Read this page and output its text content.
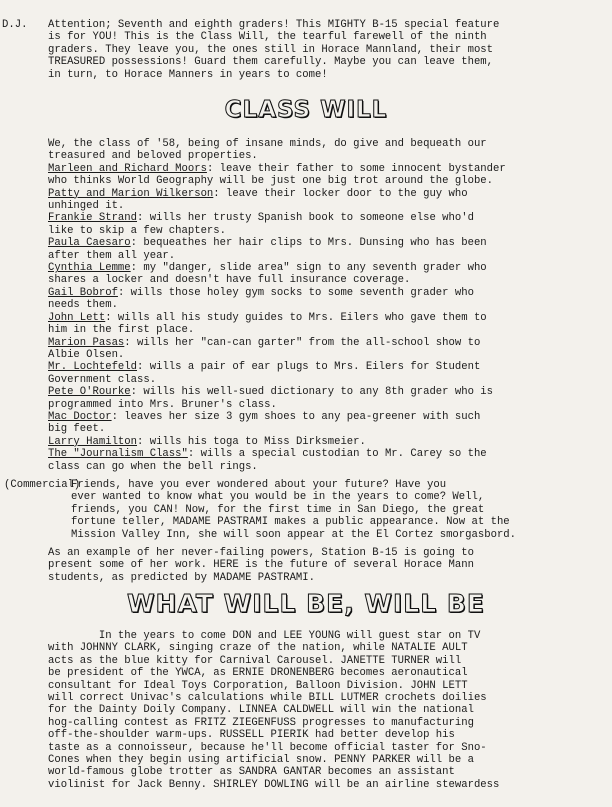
D.J. Attention; Seventh and eighth graders! This MIGHTY B-15 special feature
is for YOU! This is the Class Will, the tearful farewell of the ninth
graders. They leave you, the ones still in Horace Mannland, their most
TREASURED possessions! Guard them carefully. Maybe you can leave them,
in turn, to Horace Manners in years to come!
CLASS WILL
We, the class of '58, being of insane minds, do give and bequeath our
treasured and beloved properties.
Marleen and Richard Moors: leave their father to some innocent bystander
who thinks World Geography will be just one big trot around the globe.
Patty and Marion Wilkerson: leave their locker door to the guy who
unhinged it.
Frankie Strand: wills her trusty Spanish book to someone else who'd
like to skip a few chapters.
Paula Caesaro: bequeathes her hair clips to Mrs. Dunsing who has been
after them all year.
Cynthia Lemme: my "danger, slide area" sign to any seventh grader who
shares a locker and doesn't have full insurance coverage.
Gail Bobrof: wills those holey gym socks to some seventh grader who
needs them.
John Lett: wills all his study guides to Mrs. Eilers who gave them to
him in the first place.
Marion Pasas: wills her "can-can garter" from the all-school show to
Albie Olsen.
Mr. Lochtefeld: wills a pair of ear plugs to Mrs. Eilers for Student
Government class.
Pete O'Rourke: wills his well-sued dictionary to any 8th grader who is
programmed into Mrs. Bruner's class.
Mac Doctor: leaves her size 3 gym shoes to any pea-greener with such
big feet.
Larry Hamilton: wills his toga to Miss Dirksmeier.
The "Journalism Class": wills a special custodian to Mr. Carey so the
class can go when the bell rings.
(Commercial)
Friends, have you ever wondered about your future? Have you
ever wanted to know what you would be in the years to come? Well,
friends, you CAN! Now, for the first time in San Diego, the great
fortune teller, MADAME PASTRAMI makes a public appearance. Now at the
Mission Valley Inn, she will soon appear at the El Cortez smorgasbord.
As an example of her never-failing powers, Station B-15 is going to
present some of her work. HERE is the future of several Horace Mann
students, as predicted by MADAME PASTRAMI.
WHAT WILL BE, WILL BE
In the years to come DON and LEE YOUNG will guest star on TV
with JOHNNY CLARK, singing craze of the nation, while NATALIE AULT
acts as the blue kitty for Carnival Carousel. JANETTE TURNER will
be president of the YWCA, as ERNIE DRONENBERG becomes aeronautical
consultant for Ideal Toys Corporation, Balloon Division. JOHN LETT
will correct Univac's calculations while BILL LUTMER crochets doilies
for the Dainty Doily Company. LINNEA CALDWELL will win the national
hog-calling contest as FRITZ ZIEGENFUSS progresses to manufacturing
off-the-shoulder warm-ups. RUSSELL PIERIK had better develop his
taste as a connoisseur, because he'll become official taster for Sno-
Cones when they begin using artificial snow. PENNY PARKER will be a
world-famous globe trotter as SANDRA GANTAR becomes an assistant
violinist for Jack Benny. SHIRLEY DOWLING will be an airline stewardess
